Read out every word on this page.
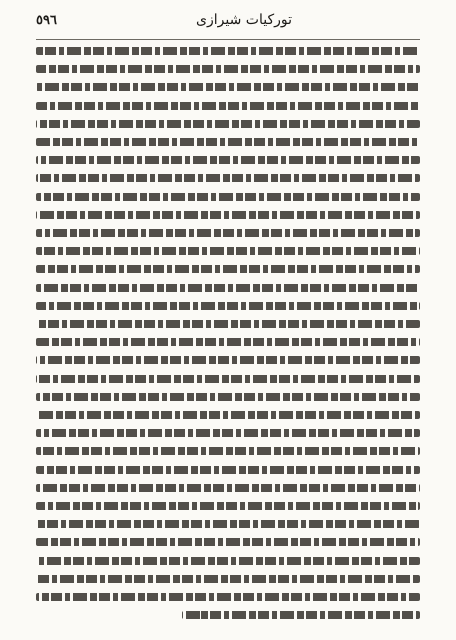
٥٩٦	تورکیات شیرازی
